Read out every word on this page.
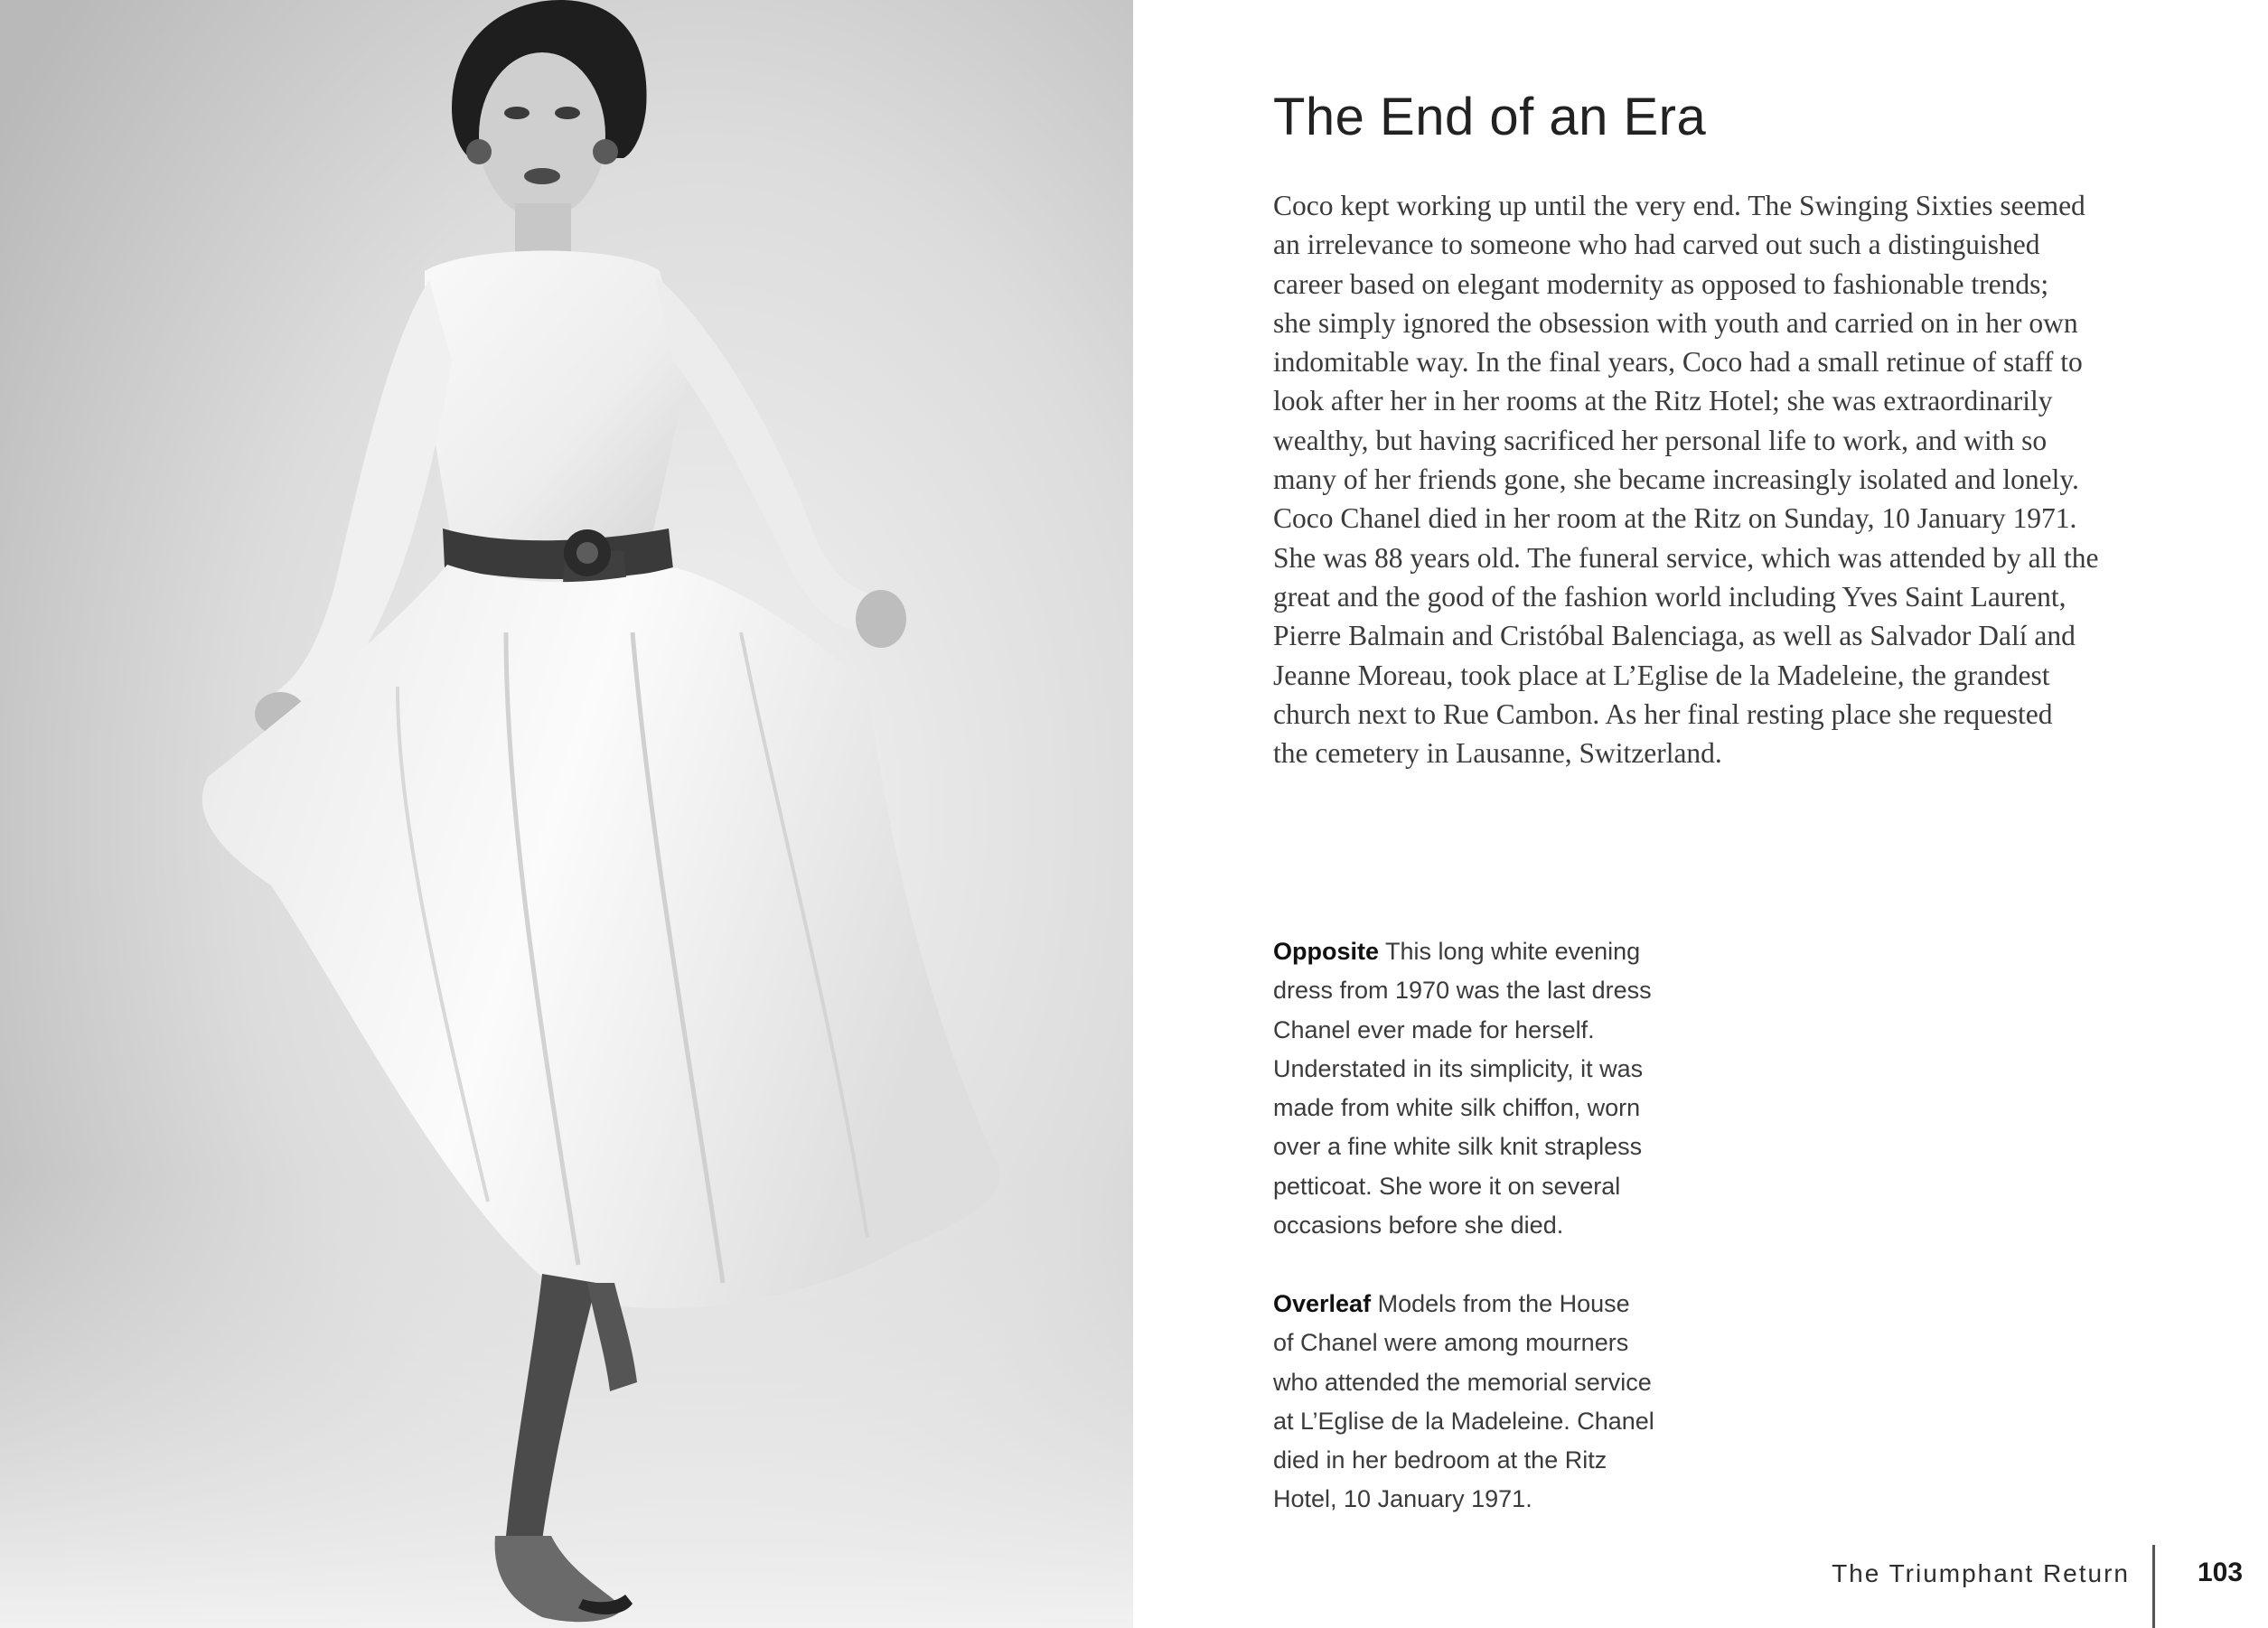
The End of an Era

Coco kept working up until the very end. The Swinging Sixties seemed
an irrelevance to someone who had carved out such a distinguished
career based on elegant modernity as opposed to fashionable trends;
she simply ignored the obsession with youth and carried on in her own
indomitable way. In the final years, Coco had a small retinue of staff to
look after her in her rooms at the Ritz Hotel; she was extraordinarily
wealthy, but having sacrificed her personal life to work, and with so
many of her friends gone, she became increasingly isolated and lonely.
Coco Chanel died in her room at the Ritz on Sunday, 10 January 1971.
She was 88 years old. The funeral service, which was attended by all the
great and the good of the fashion world including Yves Saint Laurent,
Pierre Balmain and Cristóbal Balenciaga, as well as Salvador Dalí and
Jeanne Moreau, took place at L’Eglise de la Madeleine, the grandest
church next to Rue Cambon. As her final resting place she requested
the cemetery in Lausanne, Switzerland.

Opposite This long white evening
dress from 1970 was the last dress
Chanel ever made for herself.
Understated in its simplicity, it was
made from white silk chiffon, worn
over a fine white silk knit strapless
petticoat. She wore it on several
occasions before she died.

Overleaf Models from the House
of Chanel were among mourners
who attended the memorial service
at L’Eglise de la Madeleine. Chanel
died in her bedroom at the Ritz
Hotel, 10 January 1971.

The Triumphant Return	103
